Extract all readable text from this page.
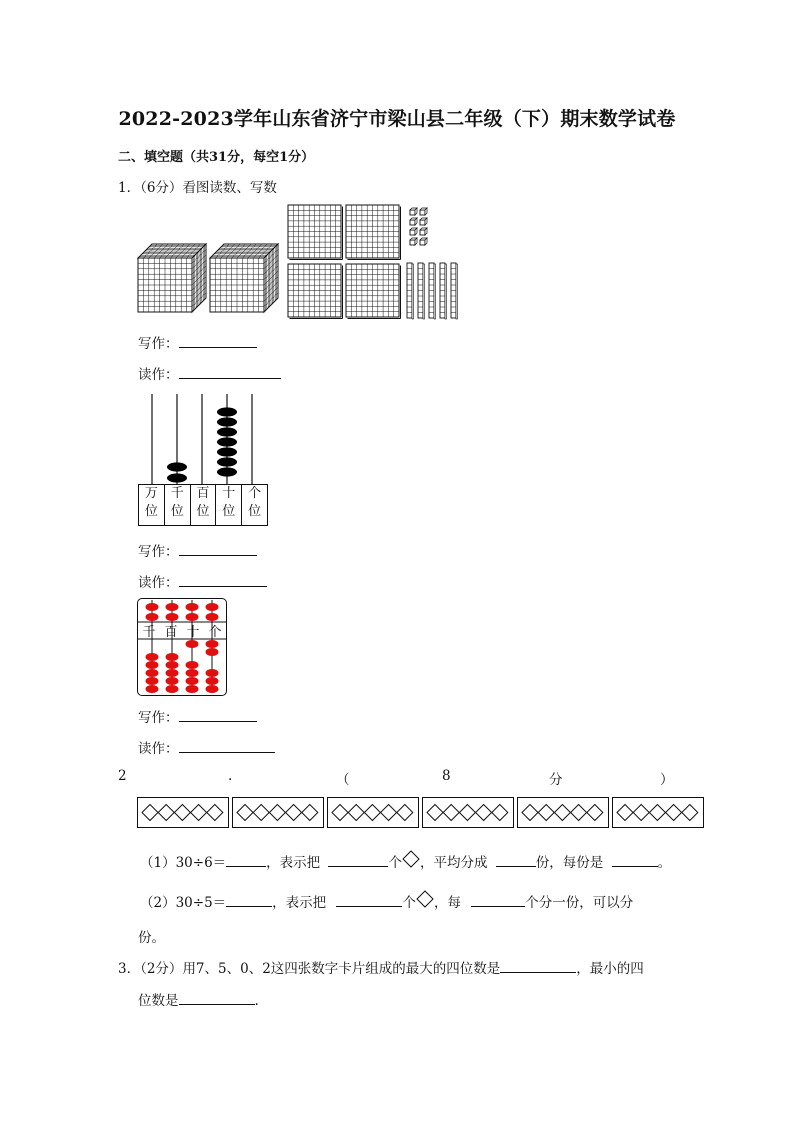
2022-2023学年山东省济宁市梁山县二年级（下）期末数学试卷
二、填空题（共31分，每空1分）
1．（6分）看图读数、写数
写作：
读作：
万
位
千
位
百
位
十
位
个
位
写作：
读作：
千 百 十 个
写作：
读作：
2	.	（	8	分	）
（1）30÷6＝	，表示把	个 ，平均分成	份，每份是	。
（2）30÷5＝	，表示把	个 ，每	个分一份，可以分
份。
3．（2分）用7、5、0、2这四张数字卡片组成的最大的四位数是	，最小的四
位数是	.
